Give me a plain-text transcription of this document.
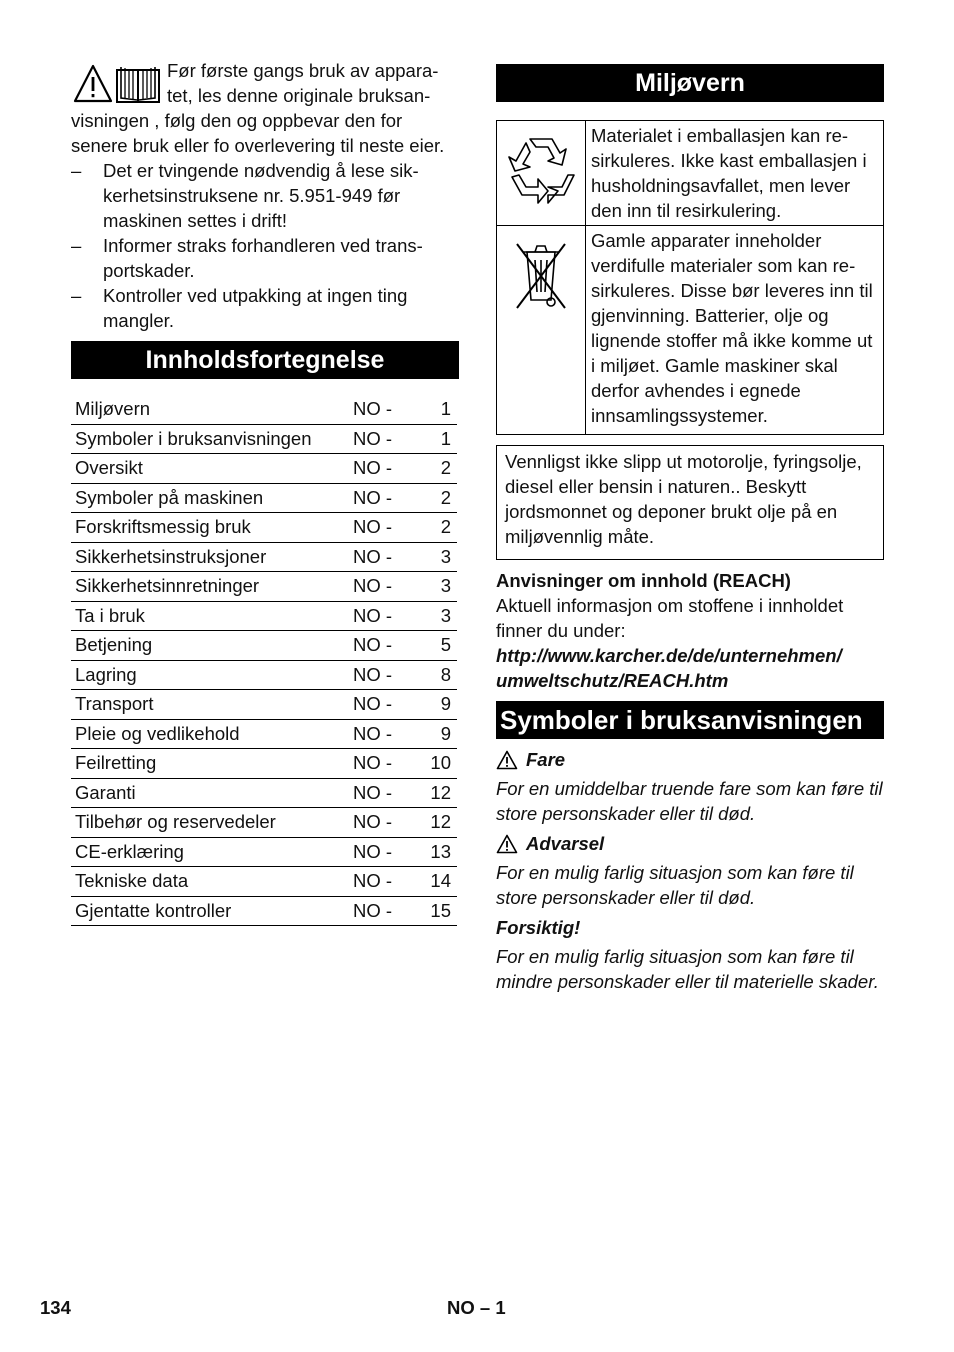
Før første gangs bruk av appara-
tet, les denne originale bruksan-
visningen , følg den og oppbevar den for senere bruk eller fo overlevering til neste eier.
– Det er tvingende nødvendig å lese sikkerhetsinstruksene nr. 5.951-949 før maskinen settes i drift!
– Informer straks forhandleren ved transportskader.
– Kontroller ved utpakking at ingen ting mangler.
Innholdsfortegnelse
Miljøvern	NO -	1
Symboler i bruksanvisningen	NO -	1
Oversikt	NO -	2
Symboler på maskinen	NO -	2
Forskriftsmessig bruk	NO -	2
Sikkerhetsinstruksjoner	NO -	3
Sikkerhetsinnretninger	NO -	3
Ta i bruk	NO -	3
Betjening	NO -	5
Lagring	NO -	8
Transport	NO -	9
Pleie og vedlikehold	NO -	9
Feilretting	NO -	10
Garanti	NO -	12
Tilbehør og reservedeler	NO -	12
CE-erklæring	NO -	13
Tekniske data	NO -	14
Gjentatte kontroller	NO -	15
Miljøvern
	Materialet i emballasjen kan resirkuleres. Ikke kast emballasjen i husholdningsavfallet, men lever den inn til resirkulering.
	Gamle apparater inneholder verdifulle materialer som kan resirkuleres. Disse bør leveres inn til gjenvinning. Batterier, olje og lignende stoffer må ikke komme ut i miljøet. Gamle maskiner skal derfor avhendes i egnede innsamlingssystemer.
Vennligst ikke slipp ut motorolje, fyringsolje, diesel eller bensin i naturen.. Beskytt jordsmonnet og deponer brukt olje på en miljøvennlig måte.
Anvisninger om innhold (REACH)
Aktuell informasjon om stoffene i innholdet finner du under:
http://www.karcher.de/de/unternehmen/ umweltschutz/REACH.htm
Symboler i bruksanvisningen
Fare
For en umiddelbar truende fare som kan føre til store personskader eller til død.
Advarsel
For en mulig farlig situasjon som kan føre til store personskader eller til død.
Forsiktig!
For en mulig farlig situasjon som kan føre til mindre personskader eller til materielle skader.
134	NO – 1
